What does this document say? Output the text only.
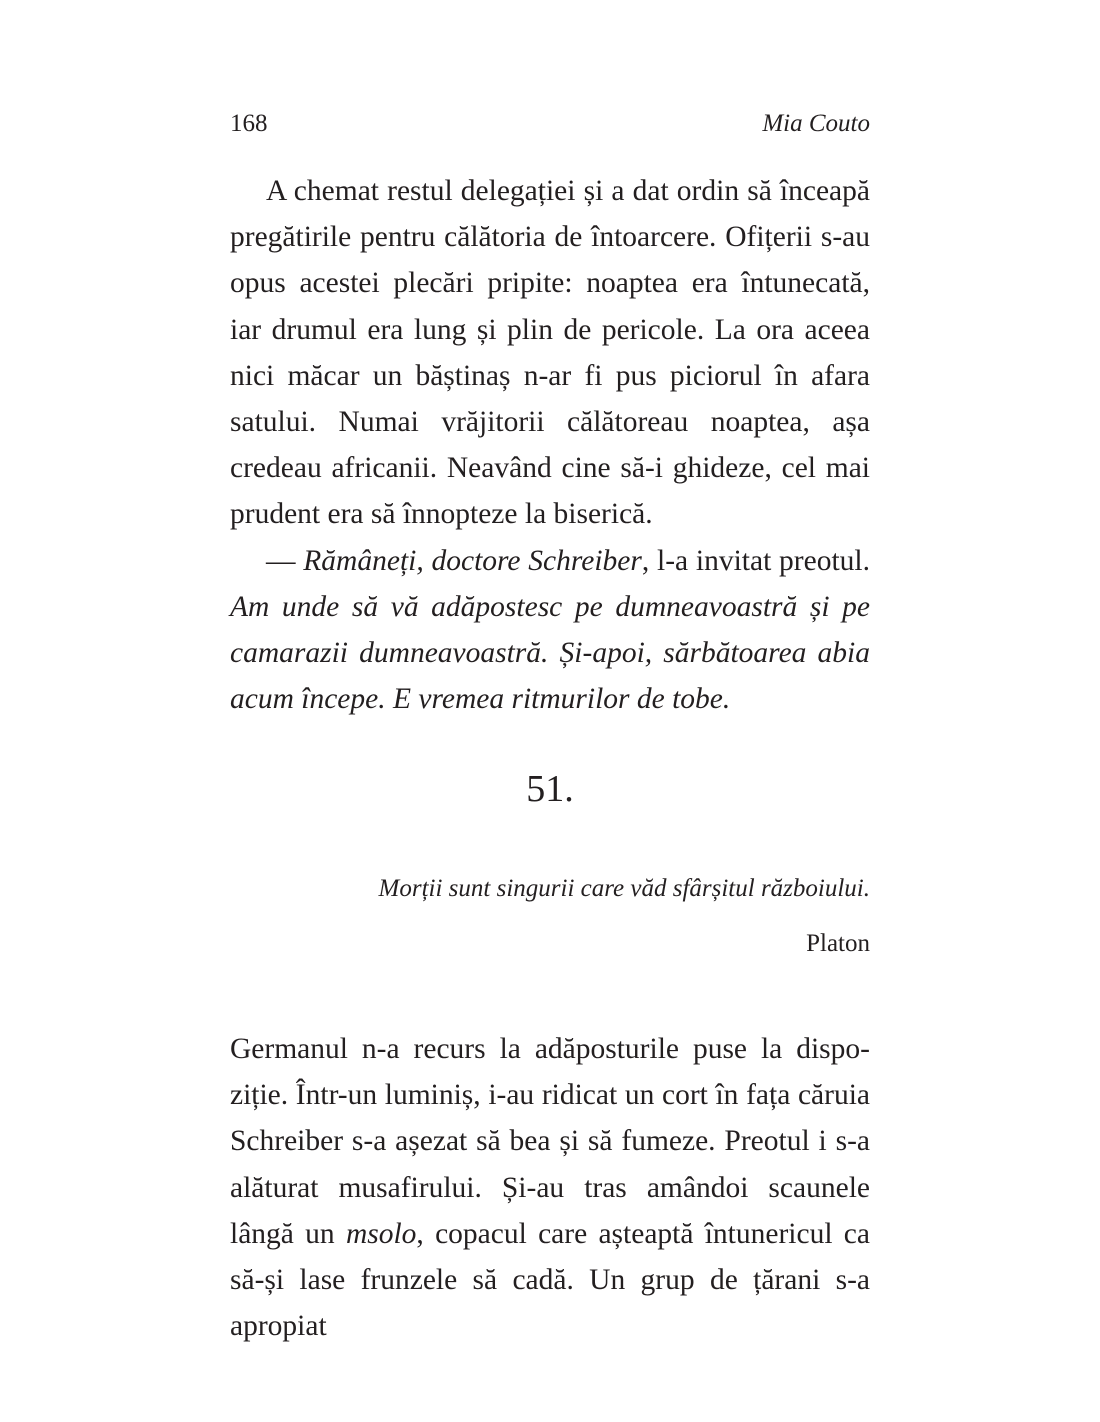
168	Mia Couto

A chemat restul delegației și a dat ordin să înceapă pregătirile pentru călătoria de întoarcere. Ofițerii s-au opus acestei plecări pripite: noaptea era întunecată, iar drumul era lung și plin de pericole. La ora aceea nici măcar un băștinaș n-ar fi pus piciorul în afara satului. Numai vrăjitorii călătoreau noaptea, așa credeau africanii. Neavând cine să-i ghideze, cel mai prudent era să înnopteze la biserică.

— Rămâneți, doctore Schreiber, l-a invitat preotul. Am unde să vă adăpostesc pe dumneavoastră și pe camarazii dumneavoastră. Și-apoi, sărbătoarea abia acum începe. E vremea ritmurilor de tobe.

51.
Morții sunt singurii care văd sfârșitul războiului.
Platon

Germanul n-a recurs la adăposturile puse la dispoziție. Într-un luminiș, i-au ridicat un cort în fața căruia Schreiber s-a așezat să bea și să fumeze. Preotul i s-a alăturat musafirului. Și-au tras amândoi scaunele lângă un msolo, copacul care așteaptă întunericul ca să-și lase frunzele să cadă. Un grup de țărani s-a apropiat
